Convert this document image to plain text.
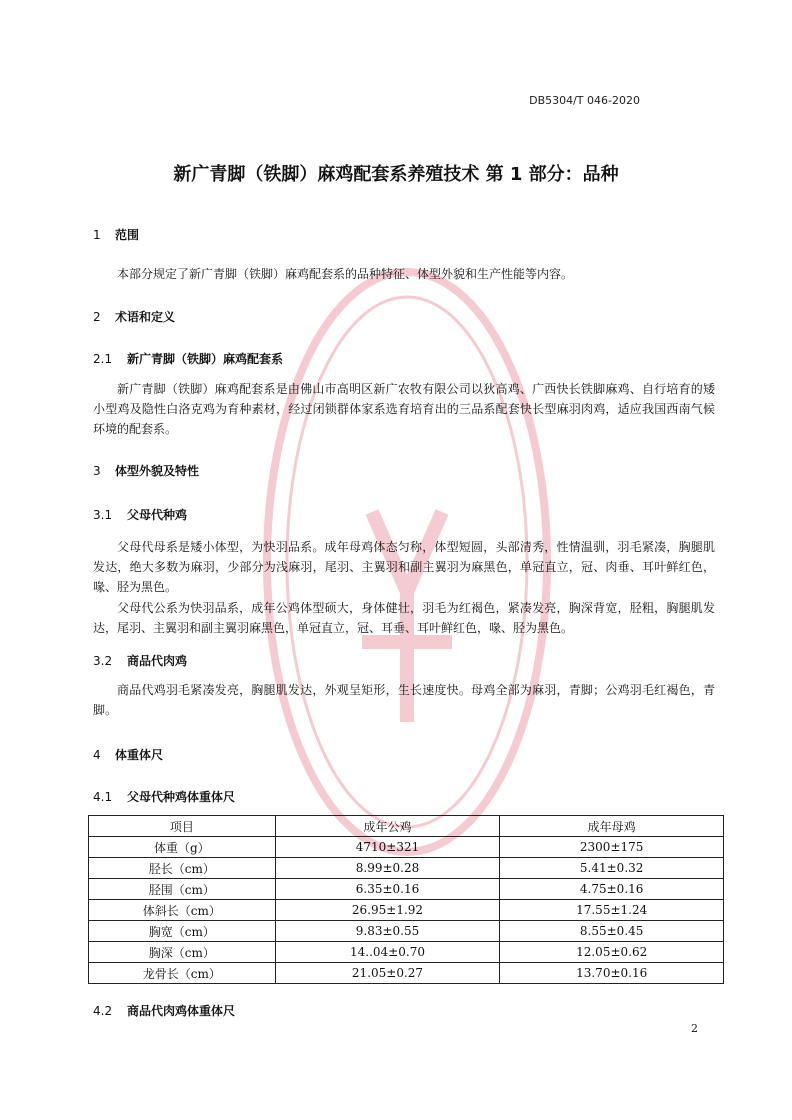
DB5304/T 046-2020
新广青脚（铁脚）麻鸡配套系养殖技术 第 1 部分：品种
1 范围
本部分规定了新广青脚（铁脚）麻鸡配套系的品种特征、体型外貌和生产性能等内容。
2 术语和定义
2.1 新广青脚（铁脚）麻鸡配套系
新广青脚（铁脚）麻鸡配套系是由佛山市高明区新广农牧有限公司以狄高鸡、广西快长铁脚麻鸡、自行培育的矮小型鸡及隐性白洛克鸡为育种素材，经过闭锁群体家系选育培育出的三品系配套快长型麻羽肉鸡，适应我国西南气候环境的配套系。
3 体型外貌及特性
3.1 父母代种鸡
父母代母系是矮小体型，为快羽品系。成年母鸡体态匀称，体型短圆，头部清秀，性情温驯，羽毛紧凑，胸腿肌发达，绝大多数为麻羽，少部分为浅麻羽，尾羽、主翼羽和副主翼羽为麻黑色，单冠直立，冠、肉垂、耳叶鲜红色，喙、胫为黑色。
父母代公系为快羽品系，成年公鸡体型硕大，身体健壮，羽毛为红褐色，紧凑发亮，胸深背宽，胫粗，胸腿肌发达，尾羽、主翼羽和副主翼羽麻黑色，单冠直立，冠、耳垂、耳叶鲜红色，喙、胫为黑色。
3.2 商品代肉鸡
商品代鸡羽毛紧凑发亮，胸腿肌发达，外观呈矩形，生长速度快。母鸡全部为麻羽，青脚；公鸡羽毛红褐色，青脚。
4 体重体尺
4.1 父母代种鸡体重体尺
项目	成年公鸡	成年母鸡
体重（g）	4710±321	2300±175
胫长（cm）	8.99±0.28	5.41±0.32
胫围（cm）	6.35±0.16	4.75±0.16
体斜长（cm）	26.95±1.92	17.55±1.24
胸宽（cm）	9.83±0.55	8.55±0.45
胸深（cm）	14..04±0.70	12.05±0.62
龙骨长（cm）	21.05±0.27	13.70±0.16
4.2 商品代肉鸡体重体尺
2
